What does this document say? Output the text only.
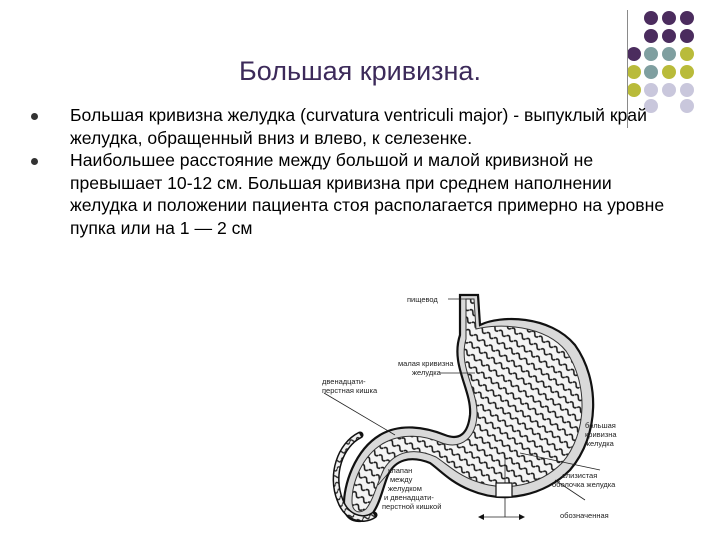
Большая кривизна.
Большая кривизна желудка (curvatura ventriculi major) - выпуклый край желудка, обращенный вниз и влево, к селезенке.
Наибольшее расстояние между большой и малой кривизной не превышает 10-12 см. Большая кривизна при среднем наполнении желудка и положении пациента стоя располагается примерно на уровне пупка или на 1 — 2 см
пищевод
малая кривизна
желудка
двенадцати-
перстная кишка
большая
кривизна
желудка
клапан
между
желудком
и двенадцати-
перстной кишкой
слизистая
оболочка желудка
обозначенная
